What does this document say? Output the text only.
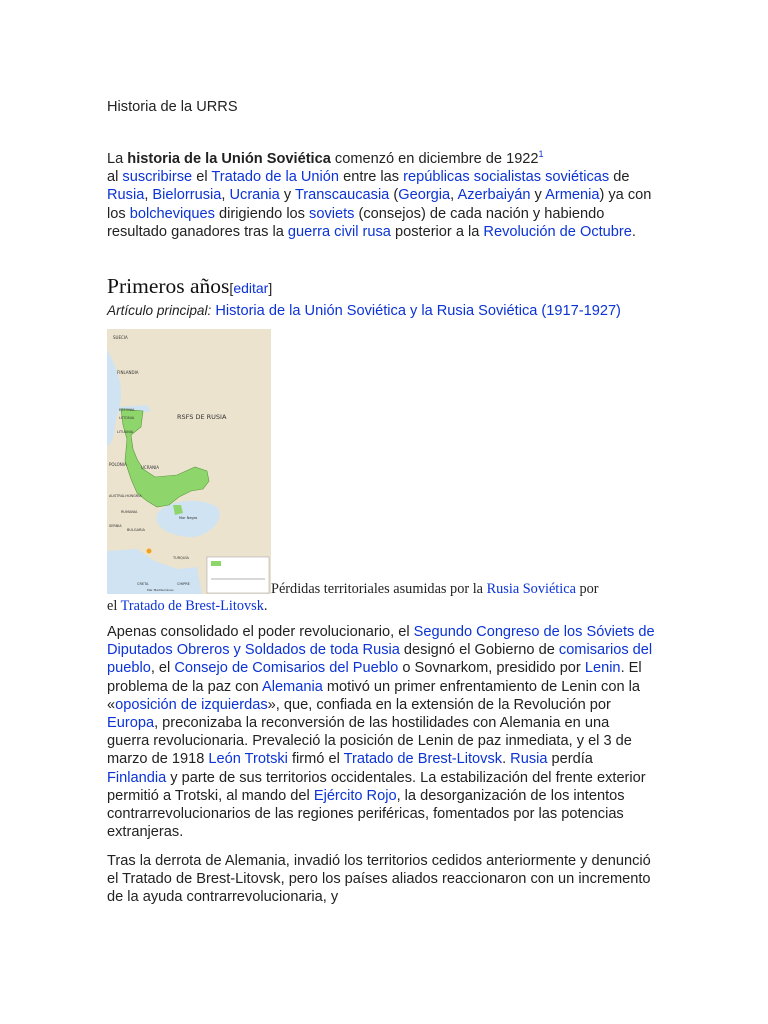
Historia de la URRS
La historia de la Unión Soviética comenzó en diciembre de 1922$^1$
al suscribirse el Tratado de la Unión entre las repúblicas socialistas soviéticas de Rusia, Bielorrusia, Ucrania y Transcaucasia (Georgia, Azerbaiyán y Armenia) ya con los bolcheviques dirigiendo los soviets (consejos) de cada nación y habiendo resultado ganadores tras la guerra civil rusa posterior a la Revolución de Octubre.
Primeros años[editar]
Artículo principal: Historia de la Unión Soviética y la Rusia Soviética (1917-1927)
RSFS DE RUSIA
SUECIA
FINLANDIA
ESTONIA
LETONIA
LITUANIA
POLONIA
UCRANIA
AUSTRIA-HUNGRÍA
RUMANIA
SERBIA
BULGARIA
Mar Negro
TURQUÍA
CHIPRE
CRETA
Mar Mediterráneo	Pérdidas territoriales asumidas por la Rusia Soviética por
el Tratado de Brest-Litovsk.
Apenas consolidado el poder revolucionario, el Segundo Congreso de los Sóviets de Diputados Obreros y Soldados de toda Rusia designó el Gobierno de comisarios del pueblo, el Consejo de Comisarios del Pueblo o Sovnarkom, presidido por Lenin. El problema de la paz con Alemania motivó un primer enfrentamiento de Lenin con la «oposición de izquierdas», que, confiada en la extensión de la Revolución por Europa, preconizaba la reconversión de las hostilidades con Alemania en una guerra revolucionaria. Prevaleció la posición de Lenin de paz inmediata, y el 3 de marzo de 1918 León Trotski firmó el Tratado de Brest-Litovsk. Rusia perdía Finlandia y parte de sus territorios occidentales. La estabilización del frente exterior permitió a Trotski, al mando del Ejército Rojo, la desorganización de los intentos contrarrevolucionarios de las regiones periféricas, fomentados por las potencias extranjeras.
Tras la derrota de Alemania, invadió los territorios cedidos anteriormente y denunció el Tratado de Brest-Litovsk, pero los países aliados reaccionaron con un incremento de la ayuda contrarrevolucionaria, y
